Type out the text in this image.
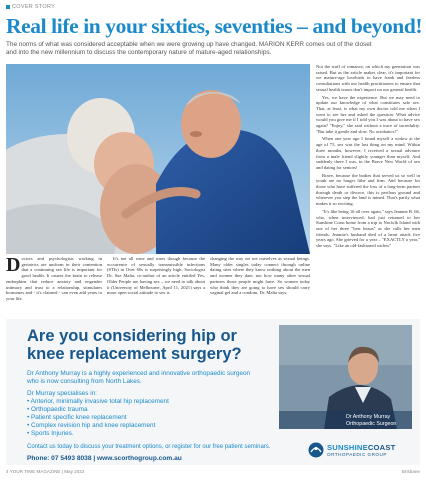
COVER STORY
Real life in your sixties, seventies – and beyond!

The norms of what was considered acceptable when we were growing up have changed. MARION KERR comes out of the closet and into the new millennium to discuss the contemporary nature of mature-aged relationships.

Doctors and psychologists working in geriatrics are uniform in their contention that a continuing sex life is important for good health. It causes the brain to release endorphins that reduce anxiety and engender intimacy and trust to a relationship, stimulates hormones and - it's claimed - can even add years to your life.

It's not all wine and roses though because the occurrence of sexually transmissible infections (STIs) in Over 60s is surprisingly high. Sociologist Dr. Sue Malta, co-author of an article entitled Yes, Older People are having sex – we need to talk about it (University of Melbourne, April 11, 2021) says a more open social attitude to sex is

changing the way we see ourselves as sexual beings. Many older singles today connect through online dating sites where they know nothing about the men and women they date, nor how many other sexual partners those people might have. So women today who think they are going to have sex should carry vaginal gel and a condom, Dr. Malta says.

Not the stuff of romance, on which my generation was raised. But as the article makes clear, it's important for we mature-age lovebirds to have frank and fearless consultations with our health practitioners to ensure that sexual health issues don't impact on our general health.

Yes, we have the experience. But we may need to update our knowledge of what constitutes safe sex. That, at least, is what my own doctor told me when I went to see her and asked the question: What advice would you give me if I told you I was about to have sex again? "Enjoy," she said without a trace of incredulity. "But take it gentle and slow. No acrobatics!"

When one year ago I found myself a widow at the age of 75, sex was the last thing on my mind. Within three months, however, I received a sexual advance from a male friend slightly younger than myself. And suddenly there I was, in the Brave New World of sex and dating for seniors!

Brave, because the bodies that served us so well in youth are no longer lithe and firm. And because for those who have suffered the loss of a long-term partner through death or divorce, this is perilous ground and wherever you step the land is mined. That's partly what makes it so exciting.

"It's like being 16 all over again," says Jeannie B. 66, who, when interviewed, had just returned to her Sunshine Coast home from a trip to Norfolk Island with one of her three "best beaus" as she calls her men friends. Jeannie's husband died of a heart attack five years ago. She grieved for a year – "EXACTLY a year," she says. "Like an old-fashioned widow"

Are you considering hip or knee replacement surgery?

Dr Anthony Murray is a highly experienced and innovative orthopaedic surgeon who is now consulting from North Lakes.

Dr Murray specialises in:

• Anterior, minimally invasive total hip replacement
• Orthopaedic trauma
• Patient specific knee replacement
• Complex revision hip and knee replacement
• Sports Injuries.

Contact us today to discuss your treatment options, or register for our free patient seminars.

Phone: 07 5493 8038 | www.scorthogroup.com.au

Dr Anthony Murray
Orthopaedic Surgeon
SUNSHINECOAST
ORTHOPAEDIC GROUP
4 YOUR TIME MAGAZINE | May 2022	Brisbane
